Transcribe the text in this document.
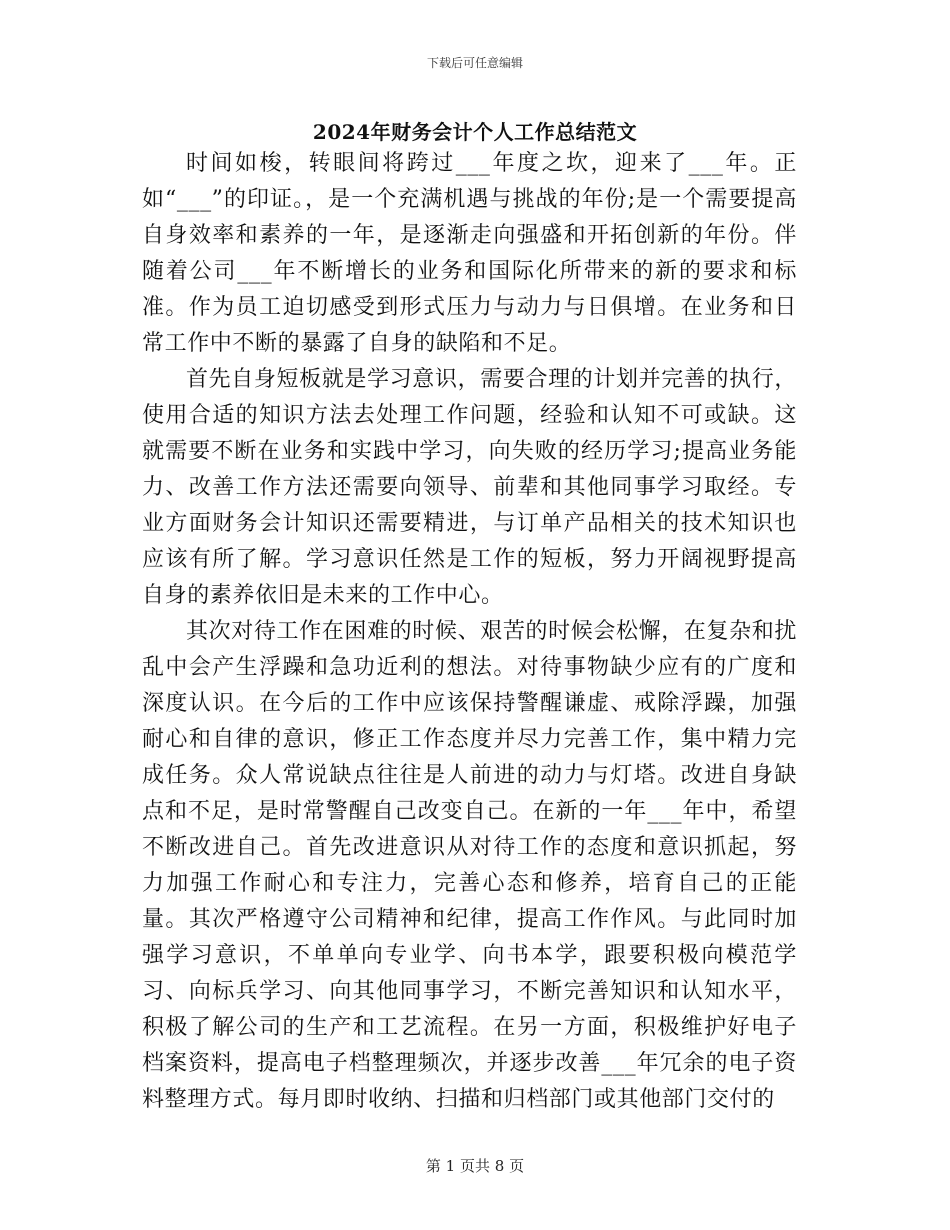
下载后可任意编辑
2024年财务会计个人工作总结范文

时间如梭，转眼间将跨过___年度之坎，迎来了___年。正如“___”的印证。，是一个充满机遇与挑战的年份;是一个需要提高自身效率和素养的一年，是逐渐走向强盛和开拓创新的年份。伴随着公司___年不断增长的业务和国际化所带来的新的要求和标准。作为员工迫切感受到形式压力与动力与日俱增。在业务和日常工作中不断的暴露了自身的缺陷和不足。

首先自身短板就是学习意识，需要合理的计划并完善的执行，使用合适的知识方法去处理工作问题，经验和认知不可或缺。这就需要不断在业务和实践中学习，向失败的经历学习;提高业务能力、改善工作方法还需要向领导、前辈和其他同事学习取经。专业方面财务会计知识还需要精进，与订单产品相关的技术知识也应该有所了解。学习意识任然是工作的短板，努力开阔视野提高自身的素养依旧是未来的工作中心。

其次对待工作在困难的时候、艰苦的时候会松懈，在复杂和扰乱中会产生浮躁和急功近利的想法。对待事物缺少应有的广度和深度认识。在今后的工作中应该保持警醒谦虚、戒除浮躁，加强耐心和自律的意识，修正工作态度并尽力完善工作，集中精力完成任务。众人常说缺点往往是人前进的动力与灯塔。改进自身缺点和不足，是时常警醒自己改变自己。在新的一年___年中，希望不断改进自己。首先改进意识从对待工作的态度和意识抓起，努力加强工作耐心和专注力，完善心态和修养，培育自己的正能量。其次严格遵守公司精神和纪律，提高工作作风。与此同时加强学习意识，不单单向专业学、向书本学，跟要积极向模范学习、向标兵学习、向其他同事学习，不断完善知识和认知水平，积极了解公司的生产和工艺流程。在另一方面，积极维护好电子档案资料，提高电子档整理频次，并逐步改善___年冗余的电子资料整理方式。每月即时收纳、扫描和归档部门或其他部门交付的

第 1 页共 8 页
